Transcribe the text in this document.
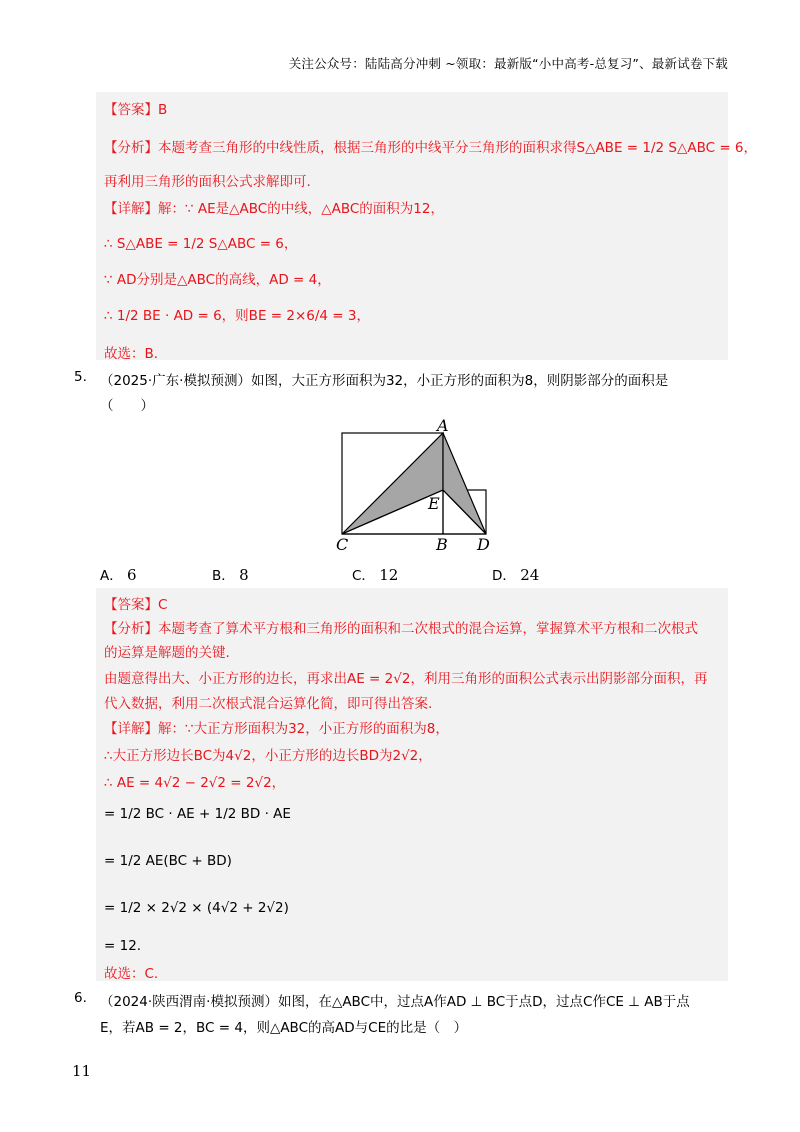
关注公众号：陆陆高分冲刺 ~领取：最新版“小中高考-总复习”、最新试卷下载
【答案】B
【分析】本题考查三角形的中线性质，根据三角形的中线平分三角形的面积求得S△ABE = 1/2 S△ABC = 6，
再利用三角形的面积公式求解即可.
【详解】解：∵ AE是△ABC的中线，△ABC的面积为12，
∴ S△ABE = 1/2 S△ABC = 6，
∵ AD分别是△ABC的高线，AD = 4，
∴ 1/2 BE · AD = 6，则BE = 2×6/4 = 3，
故选：B.
5. （2025·广东·模拟预测）如图，大正方形面积为32，小正方形的面积为8，则阴影部分的面积是
（　　）
A
E
C	B D
A． 6	B． 8	C． 12	D． 24
【答案】C
【分析】本题考查了算术平方根和三角形的面积和二次根式的混合运算，掌握算术平方根和二次根式
的运算是解题的关键.
由题意得出大、小正方形的边长，再求出AE = 2√2，利用三角形的面积公式表示出阴影部分面积，再
代入数据，利用二次根式混合运算化简，即可得出答案.
【详解】解：∵大正方形面积为32，小正方形的面积为8，
∴大正方形边长BC为4√2，小正方形的边长BD为2√2，
∴ AE = 4√2 − 2√2 = 2√2，
= 1/2 BC · AE + 1/2 BD · AE
= 1/2 AE(BC + BD)
= 1/2 × 2√2 × (4√2 + 2√2)
= 12.
故选：C.
6. （2024·陕西渭南·模拟预测）如图，在△ABC中，过点A作AD ⊥ BC于点D，过点C作CE ⊥ AB于点
E，若AB = 2，BC = 4，则△ABC的高AD与CE的比是（　）
11
